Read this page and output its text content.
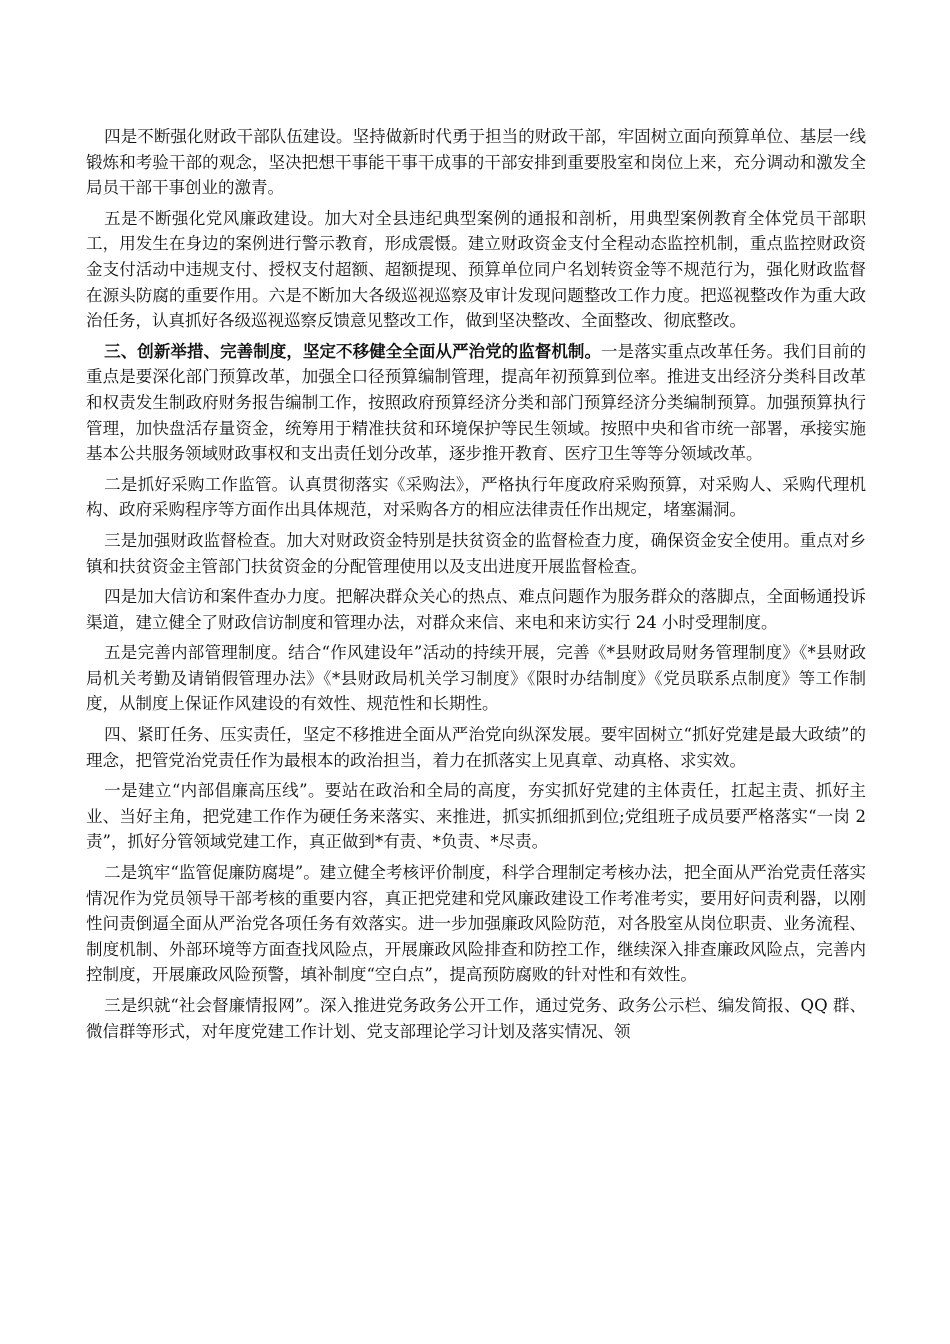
四是不断强化财政干部队伍建设。坚持做新时代勇于担当的财政干部，牢固树立面向预算单位、基层一线锻炼和考验干部的观念，坚决把想干事能干事干成事的干部安排到重要股室和岗位上来，充分调动和激发全局员干部干事创业的激青。

五是不断强化党风廉政建设。加大对全县违纪典型案例的通报和剖析，用典型案例教育全体党员干部职工，用发生在身边的案例进行警示教育，形成震慑。建立财政资金支付全程动态监控机制，重点监控财政资金支付活动中违规支付、授权支付超额、超额提现、预算单位同户名划转资金等不规范行为，强化财政监督在源头防腐的重要作用。六是不断加大各级巡视巡察及审计发现问题整改工作力度。把巡视整改作为重大政治任务，认真抓好各级巡视巡察反馈意见整改工作，做到坚决整改、全面整改、彻底整改。

三、创新举措、完善制度，坚定不移健全全面从严治党的监督机制。一是落实重点改革任务。我们目前的重点是要深化部门预算改革，加强全口径预算编制管理，提高年初预算到位率。推进支出经济分类科目改革和权责发生制政府财务报告编制工作，按照政府预算经济分类和部门预算经济分类编制预算。加强预算执行管理，加快盘活存量资金，统筹用于精准扶贫和环境保护等民生领域。按照中央和省市统一部署，承接实施基本公共服务领域财政事权和支出责任划分改革，逐步推开教育、医疗卫生等等分领域改革。

二是抓好采购工作监管。认真贯彻落实《采购法》，严格执行年度政府采购预算，对采购人、采购代理机构、政府采购程序等方面作出具体规范，对采购各方的相应法律责任作出规定，堵塞漏洞。

三是加强财政监督检查。加大对财政资金特别是扶贫资金的监督检查力度，确保资金安全使用。重点对乡镇和扶贫资金主管部门扶贫资金的分配管理使用以及支出进度开展监督检查。

四是加大信访和案件查办力度。把解决群众关心的热点、难点问题作为服务群众的落脚点，全面畅通投诉渠道，建立健全了财政信访制度和管理办法，对群众来信、来电和来访实行 24 小时受理制度。

五是完善内部管理制度。结合“作风建设年”活动的持续开展，完善《*县财政局财务管理制度》《*县财政局机关考勤及请销假管理办法》《*县财政局机关学习制度》《限时办结制度》《党员联系点制度》等工作制度，从制度上保证作风建设的有效性、规范性和长期性。

四、紧盯任务、压实责任，坚定不移推进全面从严治党向纵深发展。要牢固树立“抓好党建是最大政绩”的理念，把管党治党责任作为最根本的政治担当，着力在抓落实上见真章、动真格、求实效。

一是建立“内部倡廉高压线”。要站在政治和全局的高度，夯实抓好党建的主体责任，扛起主责、抓好主业、当好主角，把党建工作作为硬任务来落实、来推进，抓实抓细抓到位;党组班子成员要严格落实“一岗 2 责”，抓好分管领域党建工作，真正做到*有责、*负责、*尽责。

二是筑牢“监管促廉防腐堤”。建立健全考核评价制度，科学合理制定考核办法，把全面从严治党责任落实情况作为党员领导干部考核的重要内容，真正把党建和党风廉政建设工作考准考实，要用好问责利器，以刚性问责倒逼全面从严治党各项任务有效落实。进一步加强廉政风险防范，对各股室从岗位职责、业务流程、制度机制、外部环境等方面查找风险点，开展廉政风险排查和防控工作，继续深入排查廉政风险点，完善内控制度，开展廉政风险预警，填补制度“空白点”，提高预防腐败的针对性和有效性。

三是织就“社会督廉情报网”。深入推进党务政务公开工作，通过党务、政务公示栏、编发简报、QQ 群、微信群等形式，对年度党建工作计划、党支部理论学习计划及落实情况、领
